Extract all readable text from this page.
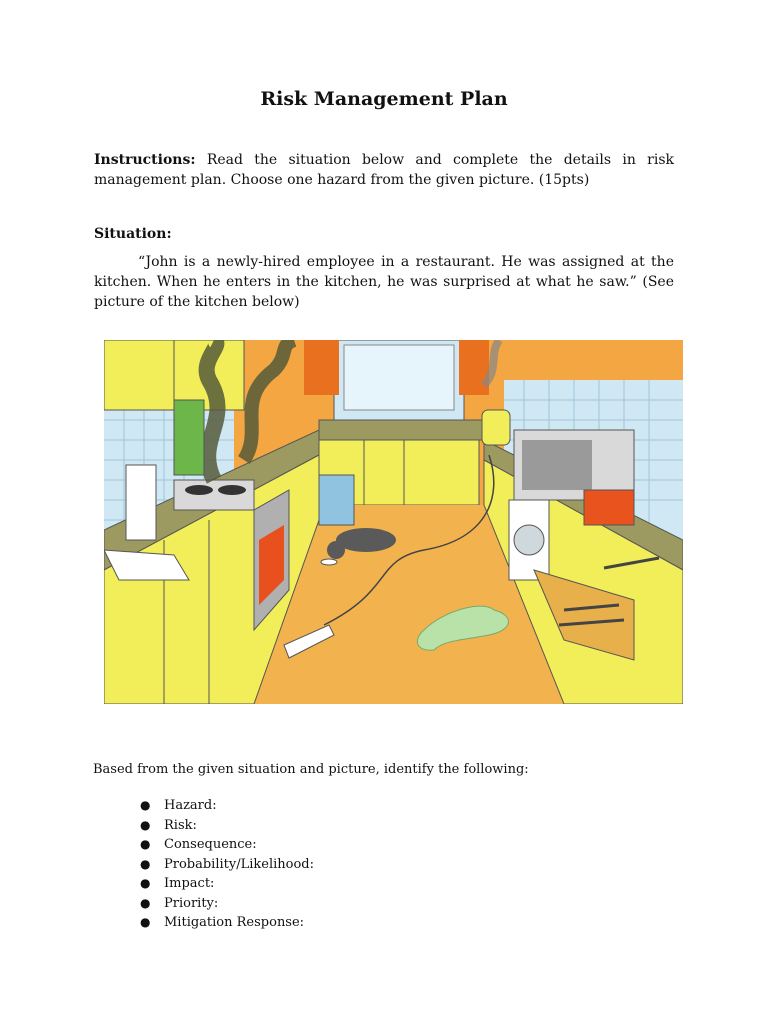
Risk Management Plan
Instructions: Read the situation below and complete the details in risk management plan. Choose one hazard from the given picture. (15pts)
Situation:
“John is a newly-hired employee in a restaurant. He was assigned at the kitchen. When he enters in the kitchen, he was surprised at what he saw.” (See picture of the kitchen below)
Based from the given situation and picture, identify the following:
● Hazard:
● Risk:
● Consequence:
● Probability/Likelihood:
● Impact:
● Priority:
● Mitigation Response:
